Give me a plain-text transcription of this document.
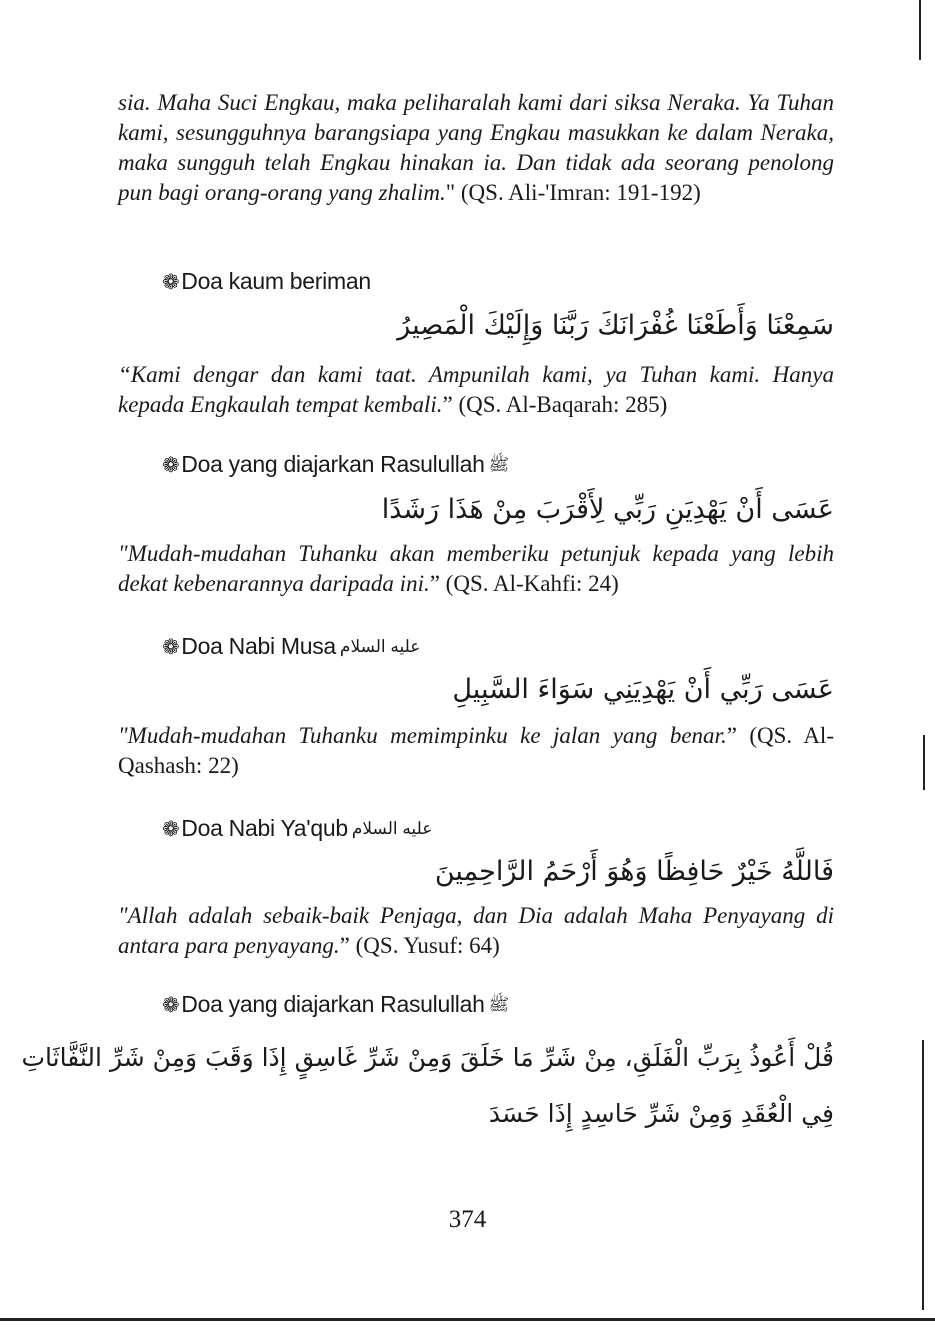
sia. Maha Suci Engkau, maka peliharalah kami dari siksa Neraka. Ya Tuhan kami, sesungguhnya barangsiapa yang Engkau masukkan ke dalam Neraka, maka sungguh telah Engkau hinakan ia. Dan tidak ada seorang penolong pun bagi orang-orang yang zhalim." (QS. Ali-'Imran: 191-192)
❁Doa kaum beriman
سَمِعْنَا وَأَطَعْنَا غُفْرَانَكَ رَبَّنَا وَإِلَيْكَ الْمَصِيرُ
“Kami dengar dan kami taat. Ampunilah kami, ya Tuhan kami. Hanya kepada Engkaulah tempat kembali.” (QS. Al-Baqarah: 285)
❁Doa yang diajarkan Rasulullah ﷺ
عَسَى أَنْ يَهْدِيَنِ رَبِّي لِأَقْرَبَ مِنْ هَذَا رَشَدًا
"Mudah-mudahan Tuhanku akan memberiku petunjuk kepada yang lebih dekat kebenarannya daripada ini.” (QS. Al-Kahfi: 24)
❁Doa Nabi Musa عليه السلام
عَسَى رَبِّي أَنْ يَهْدِيَنِي سَوَاءَ السَّبِيلِ
"Mudah-mudahan Tuhanku memimpinku ke jalan yang benar.” (QS. Al-Qashash: 22)
❁Doa Nabi Ya'qub عليه السلام
فَاللَّهُ خَيْرٌ حَافِظًا وَهُوَ أَرْحَمُ الرَّاحِمِينَ
"Allah adalah sebaik-baik Penjaga, dan Dia adalah Maha Penyayang di antara para penyayang.” (QS. Yusuf: 64)
❁Doa yang diajarkan Rasulullah ﷺ
قُلْ أَعُوذُ بِرَبِّ الْفَلَقِ، مِنْ شَرِّ مَا خَلَقَ وَمِنْ شَرِّ غَاسِقٍ إِذَا وَقَبَ وَمِنْ شَرِّ النَّفَّاثَاتِ
فِي الْعُقَدِ وَمِنْ شَرِّ حَاسِدٍ إِذَا حَسَدَ
374
